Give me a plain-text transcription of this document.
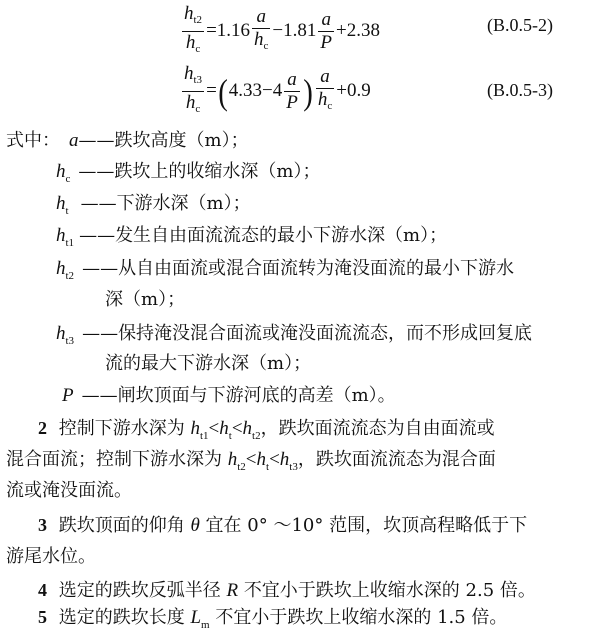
$\frac{h_{t2}}{h_c} =1.16 \frac{a}{h_c} -1.81 \frac{a}{P} +2.38$	(B.0.5-2)
$\frac{h_{t3}}{h_c} =(4.33-4 \frac{a}{P}$ ) $\frac{a}{h_c} +0.9$	(B.0.5-3)
式中： a——跌坎高度（m）；
$h_c$ ——跌坎上的收缩水深（m）；
$h_t$ ——下游水深（m）；
$h_{t1}$ ——发生自由面流流态的最小下游水深（m）；
$h_{t2}$ ——从自由面流或混合面流转为淹没面流的最小下游水
深（m）；
$h_{t3}$ ——保持淹没混合面流或淹没面流流态，而不形成回复底
流的最大下游水深（m）；
P ——闸坎顶面与下游河底的高差（m）。
2 控制下游水深为 $h_{t1}<h_t<h_{t2}$，跌坎面流流态为自由面流或
混合面流；控制下游水深为 $h_{t2}<h_t<h_{t3}$，跌坎面流流态为混合面
流或淹没面流。
3 跌坎顶面的仰角 θ 宜在 0° ～10° 范围，坎顶高程略低于下
游尾水位。
4 选定的跌坎反弧半径 R 不宜小于跌坎上收缩水深的 2.5 倍。
5 选定的跌坎长度 $L_m$ 不宜小于跌坎上收缩水深的 1.5 倍。
